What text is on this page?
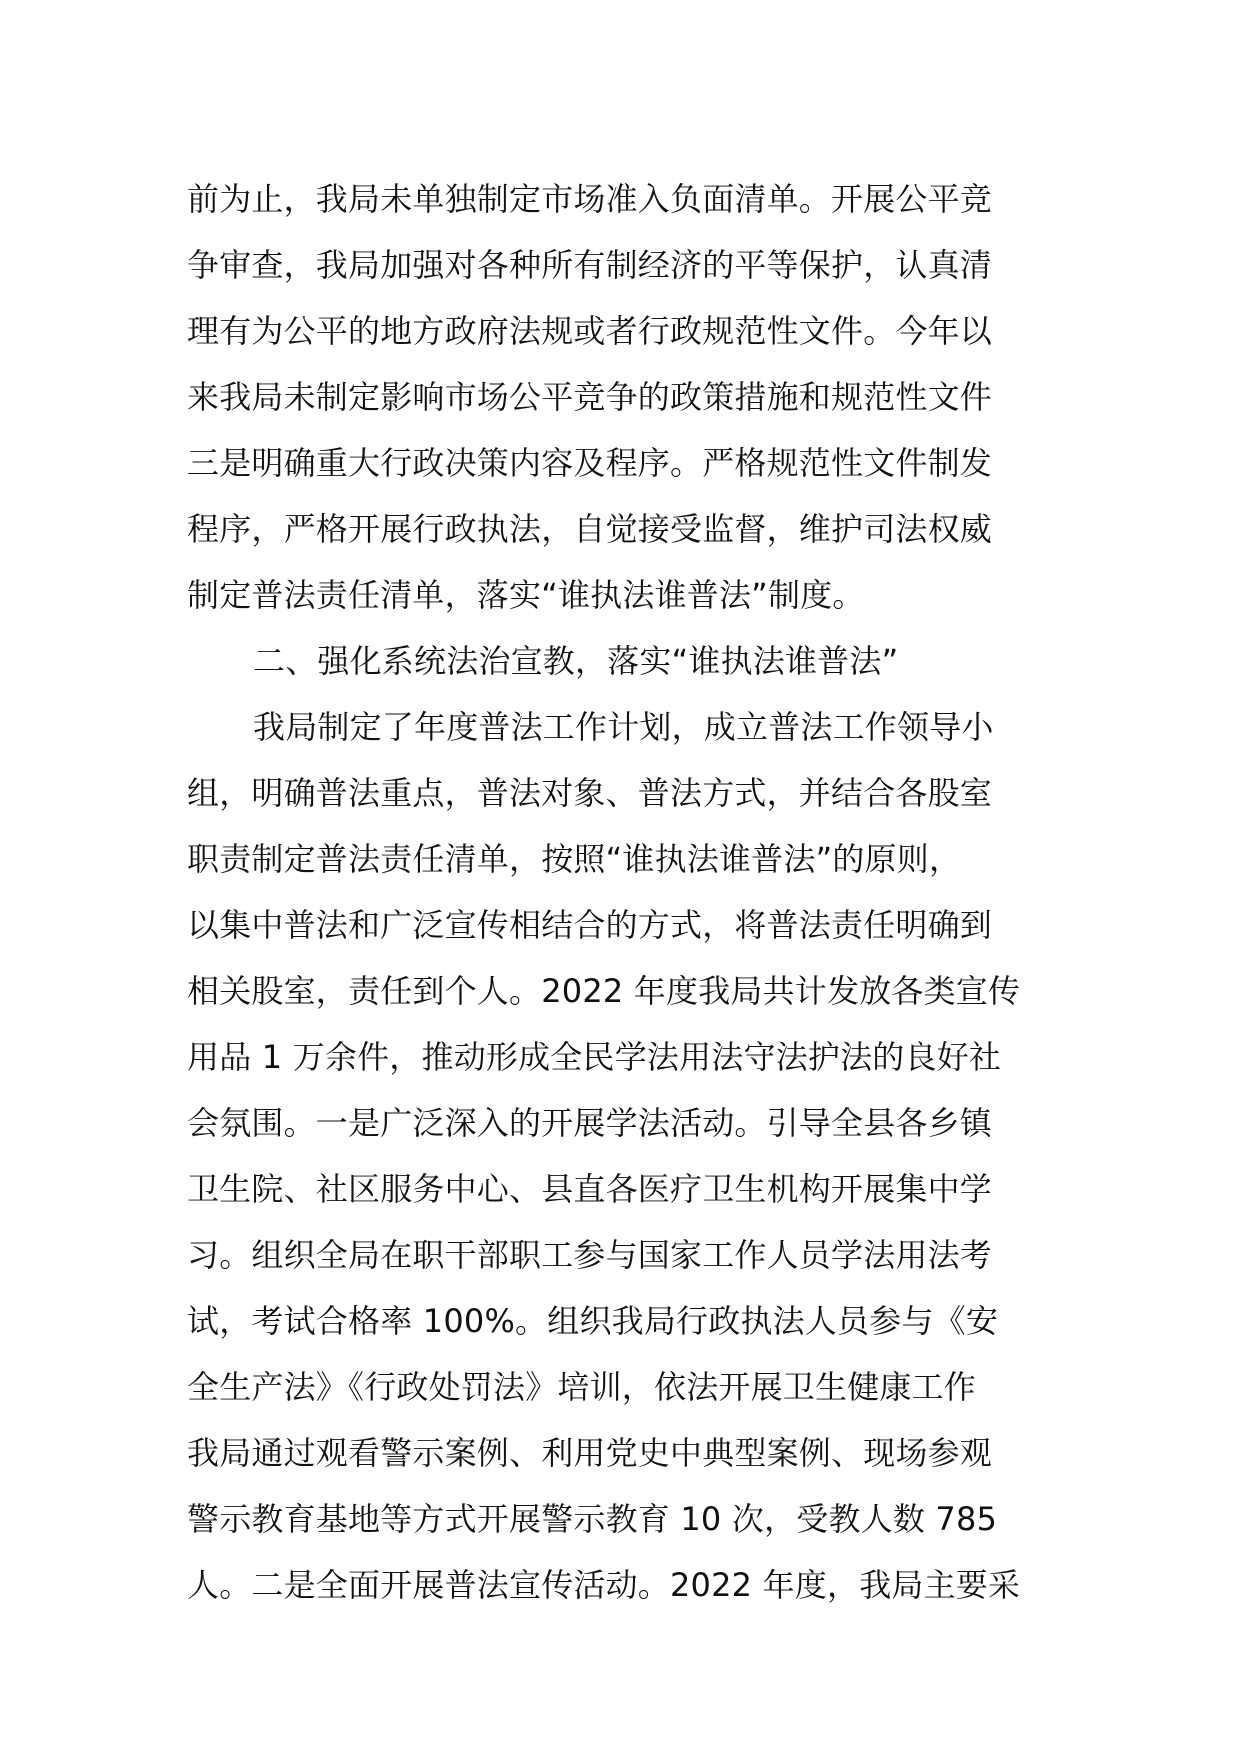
前为止，我局未单独制定市场准入负面清单。开展公平竞
争审查，我局加强对各种所有制经济的平等保护，认真清
理有为公平的地方政府法规或者行政规范性文件。今年以
来我局未制定影响市场公平竞争的政策措施和规范性文件
三是明确重大行政决策内容及程序。严格规范性文件制发
程序，严格开展行政执法，自觉接受监督，维护司法权威
制定普法责任清单，落实“谁执法谁普法”制度。
二、强化系统法治宣教，落实“谁执法谁普法”
我局制定了年度普法工作计划，成立普法工作领导小
组，明确普法重点，普法对象、普法方式，并结合各股室
职责制定普法责任清单，按照“谁执法谁普法”的原则，
以集中普法和广泛宣传相结合的方式，将普法责任明确到
相关股室，责任到个人。2022 年度我局共计发放各类宣传
用品 1 万余件，推动形成全民学法用法守法护法的良好社
会氛围。一是广泛深入的开展学法活动。引导全县各乡镇
卫生院、社区服务中心、县直各医疗卫生机构开展集中学
习。组织全局在职干部职工参与国家工作人员学法用法考
试，考试合格率 100%。组织我局行政执法人员参与《安
全生产法》《行政处罚法》培训，依法开展卫生健康工作
我局通过观看警示案例、利用党史中典型案例、现场参观
警示教育基地等方式开展警示教育 10 次，受教人数 785
人。二是全面开展普法宣传活动。2022 年度，我局主要采
